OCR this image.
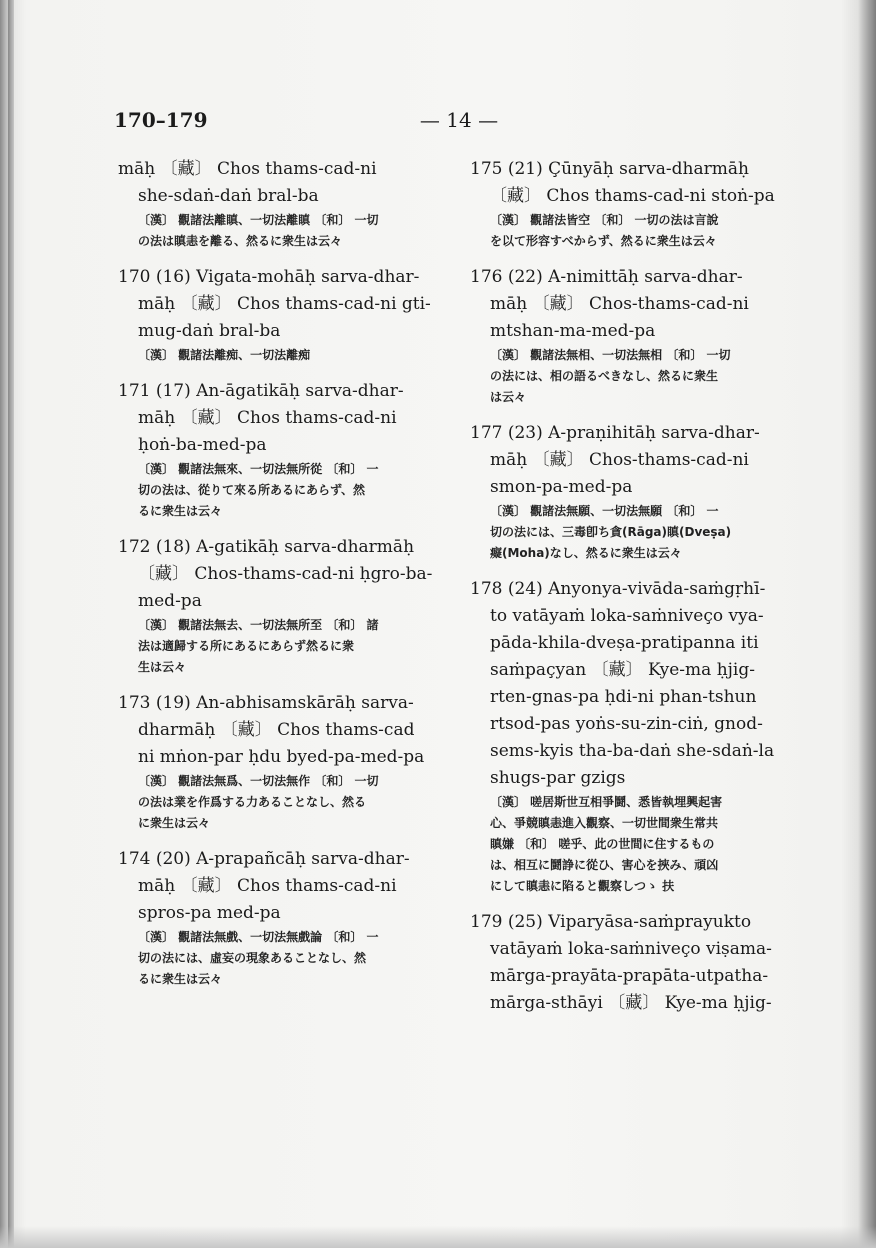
170–179	— 14 —
māḥ 〔藏〕 Chos thams-cad-ni
she-sdaṅ-daṅ bral-ba
〔漢〕 觀諸法離瞋、一切法離瞋 〔和〕 一切
の法は瞋恚を離る、然るに衆生は云々
170 (16) Vigata-mohāḥ sarva-dhar-
māḥ 〔藏〕 Chos thams-cad-ni gti-
mug-daṅ bral-ba
〔漢〕 觀諸法離痴、一切法離痴
171 (17) An-āgatikāḥ sarva-dhar-
māḥ 〔藏〕 Chos thams-cad-ni
ḥoṅ-ba-med-pa
〔漢〕 觀諸法無來、一切法無所從 〔和〕 一
切の法は、從りて來る所あるにあらず、然
るに衆生は云々
172 (18) A-gatikāḥ sarva-dharmāḥ
〔藏〕 Chos-thams-cad-ni ḥgro-ba-
med-pa
〔漢〕 觀諸法無去、一切法無所至 〔和〕 諸
法は適歸する所にあるにあらず然るに衆
生は云々
173 (19) An-abhisamskārāḥ sarva-
dharmāḥ 〔藏〕 Chos thams-cad
ni mṅon-par ḥdu byed-pa-med-pa
〔漢〕 觀諸法無爲、一切法無作 〔和〕 一切
の法は業を作爲する力あることなし、然る
に衆生は云々
174 (20) A-prapañcāḥ sarva-dhar-
māḥ 〔藏〕 Chos thams-cad-ni
spros-pa med-pa
〔漢〕 觀諸法無戲、一切法無戲論 〔和〕 一
切の法には、虛妄の現象あることなし、然
るに衆生は云々
175 (21) Çūnyāḥ sarva-dharmāḥ
〔藏〕 Chos thams-cad-ni stoṅ-pa
〔漢〕 觀諸法皆空 〔和〕 一切の法は言說
を以て形容すべからず、然るに衆生は云々
176 (22) A-nimittāḥ sarva-dhar-
māḥ 〔藏〕 Chos-thams-cad-ni
mtshan-ma-med-pa
〔漢〕 觀諸法無相、一切法無相 〔和〕 一切
の法には、相の語るべきなし、然るに衆生
は云々
177 (23) A-praṇihitāḥ sarva-dhar-
māḥ 〔藏〕 Chos-thams-cad-ni
smon-pa-med-pa
〔漢〕 觀諸法無願、一切法無願 〔和〕 一
切の法には、三毒卽ち貪(Rāga)瞋(Dveṣa)
癡(Moha)なし、然るに衆生は云々
178 (24) Anyonya-vivāda-saṁgṛhī-
to vatāyaṁ loka-saṁniveço vya-
pāda-khila-dveṣa-pratipanna iti
saṁpaçyan 〔藏〕 Kye-ma ḥjig-
rten-gnas-pa ḥdi-ni phan-tshun
rtsod-pas yoṅs-su-zin-ciṅ, gnod-
sems-kyis tha-ba-daṅ she-sdaṅ-la
shugs-par gzigs
〔漢〕 嗟居斯世互相爭鬪、悉皆執埋興起害
心、爭競瞋恚進入觀察、一切世間衆生常共
瞋嫌 〔和〕 嗟乎、此の世間に住するもの
は、相互に鬪諍に從ひ、害心を挾み、頑凶
にして瞋恚に陷ると觀察しつゝ 扶
179 (25) Viparyāsa-saṁprayukto
vatāyaṁ loka-saṁniveço viṣama-
mārga-prayāta-prapāta-utpatha-
mārga-sthāyi 〔藏〕 Kye-ma ḥjig-
